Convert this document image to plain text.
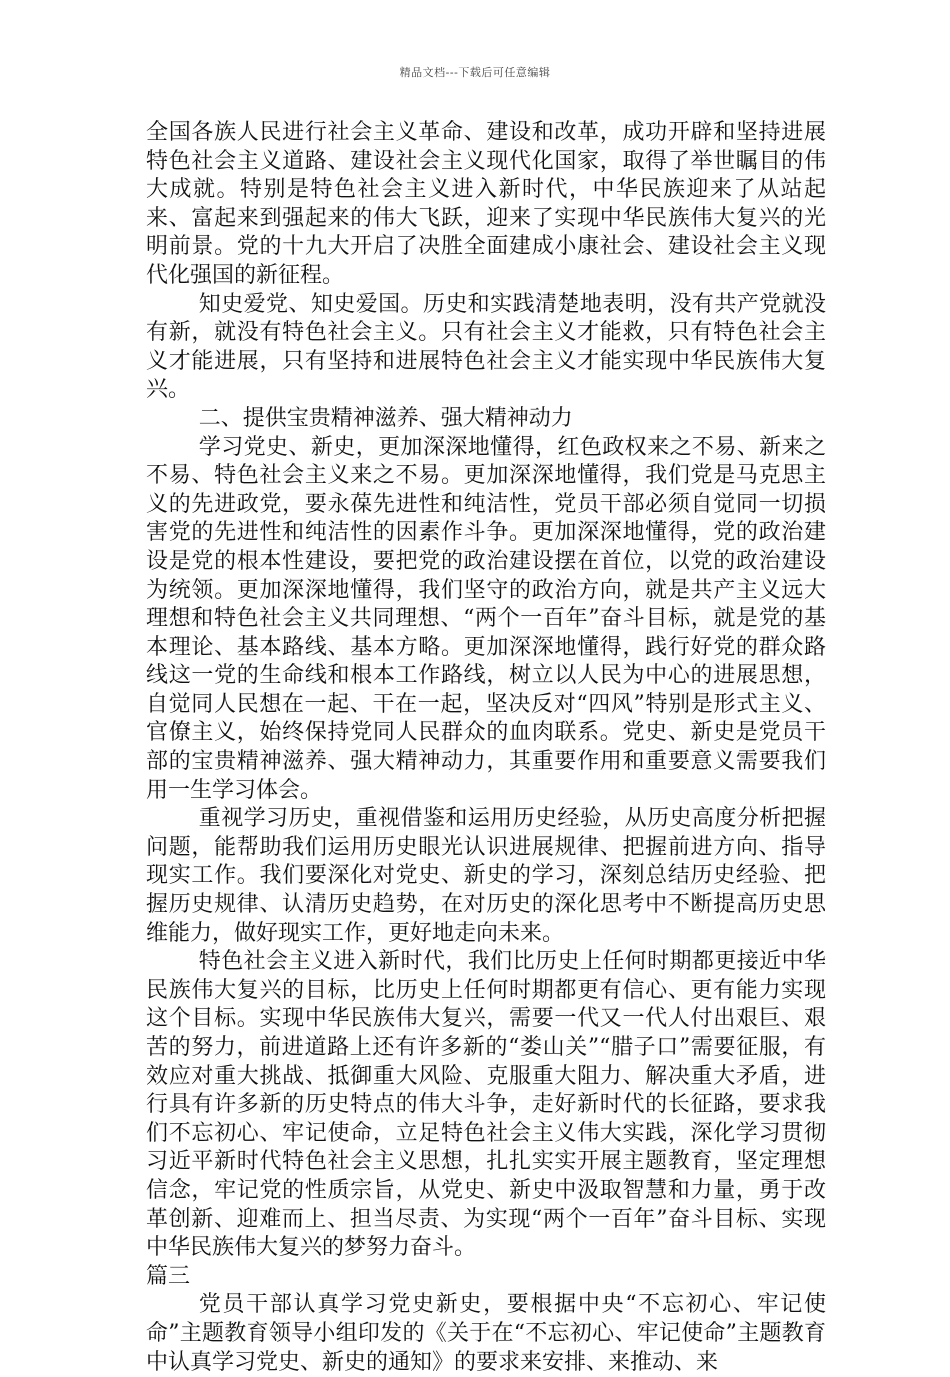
精品文档---下载后可任意编辑

全国各族人民进行社会主义革命、建设和改革，成功开辟和坚持进展特色社会主义道路、建设社会主义现代化国家，取得了举世瞩目的伟大成就。特别是特色社会主义进入新时代，中华民族迎来了从站起来、富起来到强起来的伟大飞跃，迎来了实现中华民族伟大复兴的光明前景。党的十九大开启了决胜全面建成小康社会、建设社会主义现代化强国的新征程。

知史爱党、知史爱国。历史和实践清楚地表明，没有共产党就没有新，就没有特色社会主义。只有社会主义才能救，只有特色社会主义才能进展，只有坚持和进展特色社会主义才能实现中华民族伟大复兴。

二、提供宝贵精神滋养、强大精神动力

学习党史、新史，更加深深地懂得，红色政权来之不易、新来之不易、特色社会主义来之不易。更加深深地懂得，我们党是马克思主义的先进政党，要永葆先进性和纯洁性，党员干部必须自觉同一切损害党的先进性和纯洁性的因素作斗争。更加深深地懂得，党的政治建设是党的根本性建设，要把党的政治建设摆在首位，以党的政治建设为统领。更加深深地懂得，我们坚守的政治方向，就是共产主义远大理想和特色社会主义共同理想、“两个一百年”奋斗目标，就是党的基本理论、基本路线、基本方略。更加深深地懂得，践行好党的群众路线这一党的生命线和根本工作路线，树立以人民为中心的进展思想，自觉同人民想在一起、干在一起，坚决反对“四风”特别是形式主义、官僚主义，始终保持党同人民群众的血肉联系。党史、新史是党员干部的宝贵精神滋养、强大精神动力，其重要作用和重要意义需要我们用一生学习体会。

重视学习历史，重视借鉴和运用历史经验，从历史高度分析把握问题，能帮助我们运用历史眼光认识进展规律、把握前进方向、指导现实工作。我们要深化对党史、新史的学习，深刻总结历史经验、把握历史规律、认清历史趋势，在对历史的深化思考中不断提高历史思维能力，做好现实工作，更好地走向未来。

特色社会主义进入新时代，我们比历史上任何时期都更接近中华民族伟大复兴的目标，比历史上任何时期都更有信心、更有能力实现这个目标。实现中华民族伟大复兴，需要一代又一代人付出艰巨、艰苦的努力，前进道路上还有许多新的“娄山关”“腊子口”需要征服，有效应对重大挑战、抵御重大风险、克服重大阻力、解决重大矛盾，进行具有许多新的历史特点的伟大斗争，走好新时代的长征路，要求我们不忘初心、牢记使命，立足特色社会主义伟大实践，深化学习贯彻习近平新时代特色社会主义思想，扎扎实实开展主题教育，坚定理想信念，牢记党的性质宗旨，从党史、新史中汲取智慧和力量，勇于改革创新、迎难而上、担当尽责、为实现“两个一百年”奋斗目标、实现中华民族伟大复兴的梦努力奋斗。

篇三

党员干部认真学习党史新史，要根据中央“不忘初心、牢记使命”主题教育领导小组印发的《关于在“不忘初心、牢记使命”主题教育中认真学习党史、新史的通知》的要求来安排、来推动、来
